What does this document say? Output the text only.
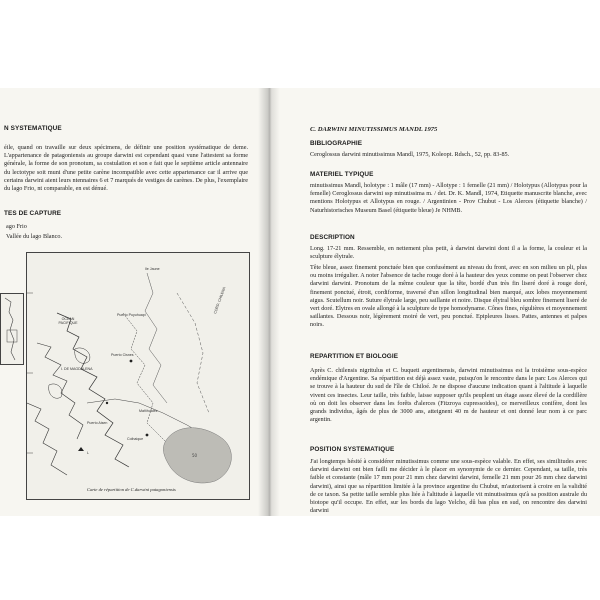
N SYSTEMATIQUE
éile, quand on travaille sur deux spécimens, de définir une position systématique de deme. L'appartenance de patagoniensis au groupe darwini est cependant quasi vune l'attestent sa forme générale, la forme de son pronotum, sa costulation et son e fait que le septième article antennaire du lectotype soit muni d'une petite carène incompatible avec cette appartenance car il arrive que certains darwini aient leurs ntennaires 6 et 7 marqués de vestiges de carènes. De plus, l'exemplaire du lago Frio, nt comparable, en est dénué.
TES DE CAPTURE
ago Frio
Vallée du lago Blanco.
50
Ile Jaune
OCEAN PACIFIQUE
Puerto Puyuhuapi
Puerto Cisnes
I. DE MAGDALENA
Mañihuales
Puerto Aisen
Coihaique
CORD. CHILENA
L
Carte de répartition de C.darwini patagoniensis
C. DARWINI MINUTISSIMUS MANDL 1975
BIBLIOGRAPHIE
Ceroglossus darwini minutissimus Mandl, 1975, Koleopt. Rdsch., 52, pp. 83-85.
MATERIEL TYPIQUE
minutissimus Mandl, holotype : 1 mâle (17 mm) - Allotype : 1 femelle (21 mm) / Holotypus (Allotypus pour la femelle) Ceroglossus darwini ssp minutissima m. / det. Dr. K. Mandl, 1974, Etiquette manuscrite blanche, avec mentions Holotypus et Allotypus en rouge. / Argentinien - Prov Chubut - Los Alerces (étiquette blanche) / Naturhistorisches Museum Basel (étiquette bleue) Je NHMB.
DESCRIPTION
Long. 17-21 mm. Ressemble, en nettement plus petit, à darwini darwini dont il a la forme, la couleur et la sculpture élytrale.
Tête bleue, assez finement ponctuée bien que confusément au niveau du front, avec en son milieu un pli, plus ou moins irrégulier. A noter l'absence de tache rouge doré à la hauteur des yeux comme on peut l'observer chez darwini darwini. Pronotum de la même couleur que la tête, bordé d'un très fin liseré doré à rouge doré, finement ponctué, étroit, cordiforme, traversé d'un sillon longitudinal bien marqué, aux lobes moyennement aigus. Scutellum noir. Suture élytrale large, peu saillante et noire. Disque élytral bleu sombre finement liseré de vert doré. Elytres en ovale allongé à la sculpture de type homodyname. Cônes fines, régulières et moyennement saillantes. Dessous noir, légèrement moiré de vert, peu ponctué. Epipleures lisses. Pattes, antennes et palpes noirs.
REPARTITION ET BIOLOGIE
Après C. chilensis nigritulus et C. buqueti argentinensis, darwini minutissimus est la troisième sous-espèce endémique d'Argentine. Sa répartition est déjà assez vaste, puisqu'on le rencontre dans le parc Los Alerces qui se trouve à la hauteur du sud de l'île de Chiloé. Je ne dispose d'aucune indication quant à l'altitude à laquelle vivent ces insectes. Leur taille, très faible, laisse supposer qu'ils peuplent un étage assez élevé de la cordillère où on doit les observer dans les forêts d'alerces (Fitzroya cupressoides), ce merveilleux conifère, dont les grands individus, âgés de plus de 3000 ans, atteignent 40 m de hauteur et ont donné leur nom à ce parc argentin.
POSITION SYSTEMATIQUE
J'ai longtemps hésité à considérer minutissimus comme une sous-espèce valable. En effet, ses similitudes avec darwini darwini ont bien failli me décider à le placer en synonymie de ce dernier. Cependant, sa taille, très faible et constante (mâle 17 mm pour 21 mm chez darwini darwini, femelle 21 mm pour 26 mm chez darwini darwini), ainsi que sa répartition limitée à la province argentine du Chubut, m'autorisent à croire en la validité de ce taxon. Sa petite taille semble plus liée à l'altitude à laquelle vit minutissimus qu'à sa position australe du biotope qu'il occupe. En effet, sur les bords du lago Yelcho, dû bas plus en sud, on rencontre des darwini darwini
